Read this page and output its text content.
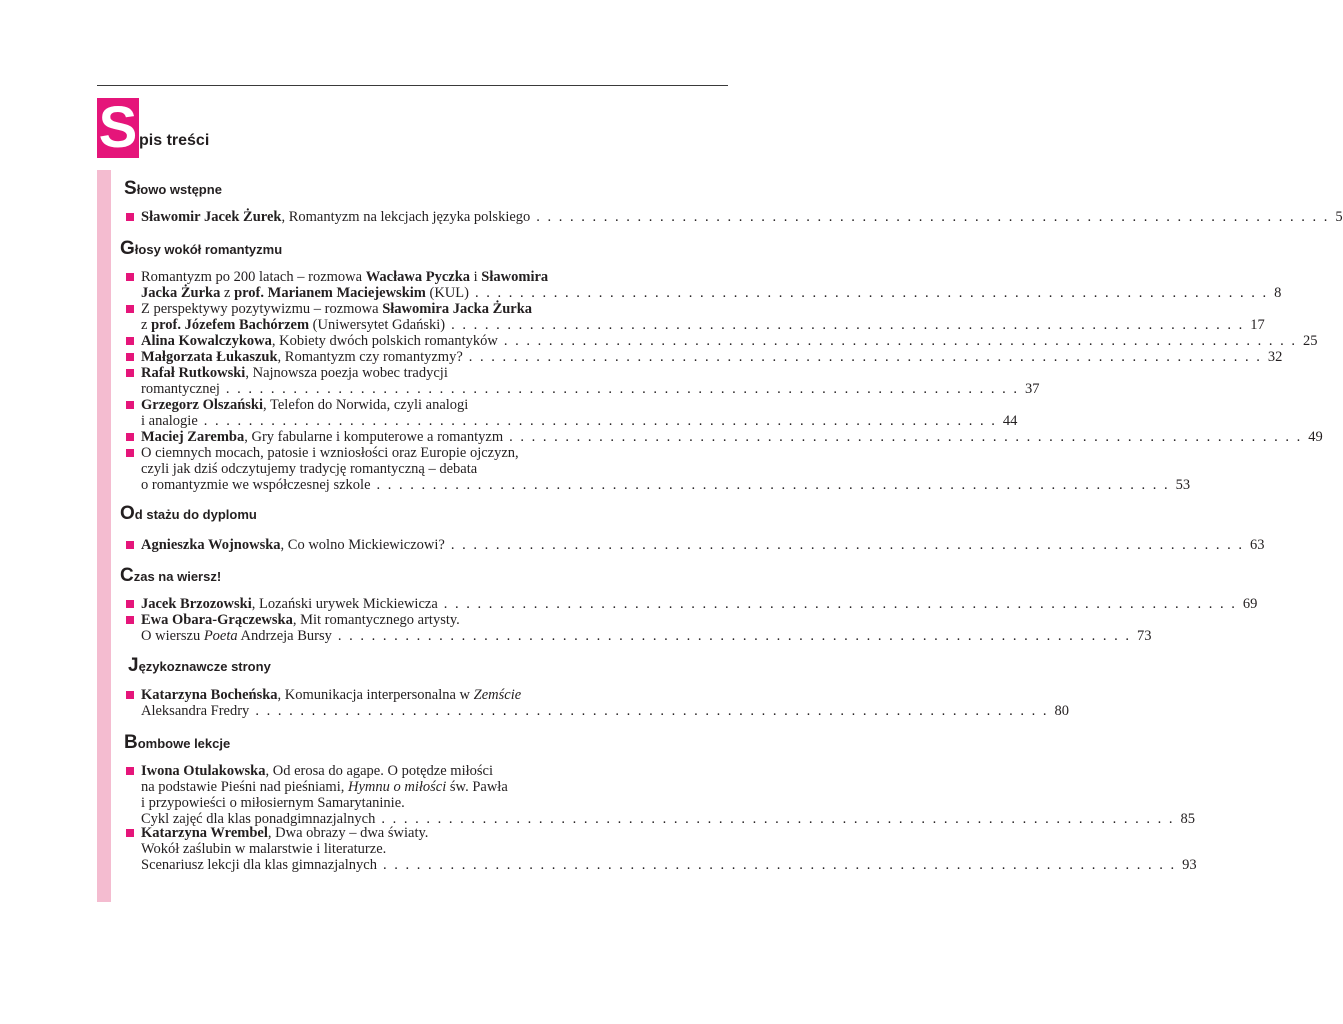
S pis treści
Słowo wstępne
Sławomir Jacek Żurek, Romantyzm na lekcjach języka polskiego . . . . . . . . . . . . . . . . . . . . . . . . . . . . . . . . . . . . . . . . . . . . . . . . . . . . . . . . . . . . . . . . . . . . . . . 5
Głosy wokół romantyzmu
Romantyzm po 200 latach – rozmowa Wacława Pyczka i Sławomira
Jacka Żurka z prof. Marianem Maciejewskim (KUL) . . . . . . . . . . . . . . . . . . . . . . . . . . . . . . . . . . . . . . . . . . . . . . . . . . . . . . . . . . . . . . . . . . . . . . . 8
Z perspektywy pozytywizmu – rozmowa Sławomira Jacka Żurka
z prof. Józefem Bachórzem (Uniwersytet Gdański) . . . . . . . . . . . . . . . . . . . . . . . . . . . . . . . . . . . . . . . . . . . . . . . . . . . . . . . . . . . . . . . . . . . . . . . 17
Alina Kowalczykowa, Kobiety dwóch polskich romantyków . . . . . . . . . . . . . . . . . . . . . . . . . . . . . . . . . . . . . . . . . . . . . . . . . . . . . . . . . . . . . . . . . . . . . . . 25
Małgorzata Łukaszuk, Romantyzm czy romantyzmy? . . . . . . . . . . . . . . . . . . . . . . . . . . . . . . . . . . . . . . . . . . . . . . . . . . . . . . . . . . . . . . . . . . . . . . . 32
Rafał Rutkowski, Najnowsza poezja wobec tradycji
romantycznej . . . . . . . . . . . . . . . . . . . . . . . . . . . . . . . . . . . . . . . . . . . . . . . . . . . . . . . . . . . . . . . . . . . . . . . 37
Grzegorz Olszański, Telefon do Norwida, czyli analogi
i analogie . . . . . . . . . . . . . . . . . . . . . . . . . . . . . . . . . . . . . . . . . . . . . . . . . . . . . . . . . . . . . . . . . . . . . . . 44
Maciej Zaremba, Gry fabularne i komputerowe a romantyzm . . . . . . . . . . . . . . . . . . . . . . . . . . . . . . . . . . . . . . . . . . . . . . . . . . . . . . . . . . . . . . . . . . . . . . . 49
O ciemnych mocach, patosie i wzniosłości oraz Europie ojczyzn,
czyli jak dziś odczytujemy tradycję romantyczną – debata
o romantyzmie we współczesnej szkole . . . . . . . . . . . . . . . . . . . . . . . . . . . . . . . . . . . . . . . . . . . . . . . . . . . . . . . . . . . . . . . . . . . . . . . 53
Od stażu do dyplomu
Agnieszka Wojnowska, Co wolno Mickiewiczowi? . . . . . . . . . . . . . . . . . . . . . . . . . . . . . . . . . . . . . . . . . . . . . . . . . . . . . . . . . . . . . . . . . . . . . . . 63
Czas na wiersz!
Jacek Brzozowski, Lozański urywek Mickiewicza . . . . . . . . . . . . . . . . . . . . . . . . . . . . . . . . . . . . . . . . . . . . . . . . . . . . . . . . . . . . . . . . . . . . . . . 69
Ewa Obara-Grączewska, Mit romantycznego artysty.
O wierszu Poeta Andrzeja Bursy . . . . . . . . . . . . . . . . . . . . . . . . . . . . . . . . . . . . . . . . . . . . . . . . . . . . . . . . . . . . . . . . . . . . . . . 73
Językoznawcze strony
Katarzyna Bocheńska, Komunikacja interpersonalna w Zemście
Aleksandra Fredry . . . . . . . . . . . . . . . . . . . . . . . . . . . . . . . . . . . . . . . . . . . . . . . . . . . . . . . . . . . . . . . . . . . . . . . 80
Bombowe lekcje
Iwona Otulakowska, Od erosa do agape. O potędze miłości
na podstawie Pieśni nad pieśniami, Hymnu o miłości św. Pawła
i przypowieści o miłosiernym Samarytaninie.
Cykl zajęć dla klas ponadgimnazjalnych . . . . . . . . . . . . . . . . . . . . . . . . . . . . . . . . . . . . . . . . . . . . . . . . . . . . . . . . . . . . . . . . . . . . . . . 85
Katarzyna Wrembel, Dwa obrazy – dwa światy.
Wokół zaślubin w malarstwie i literaturze.
Scenariusz lekcji dla klas gimnazjalnych . . . . . . . . . . . . . . . . . . . . . . . . . . . . . . . . . . . . . . . . . . . . . . . . . . . . . . . . . . . . . . . . . . . . . . . 93
